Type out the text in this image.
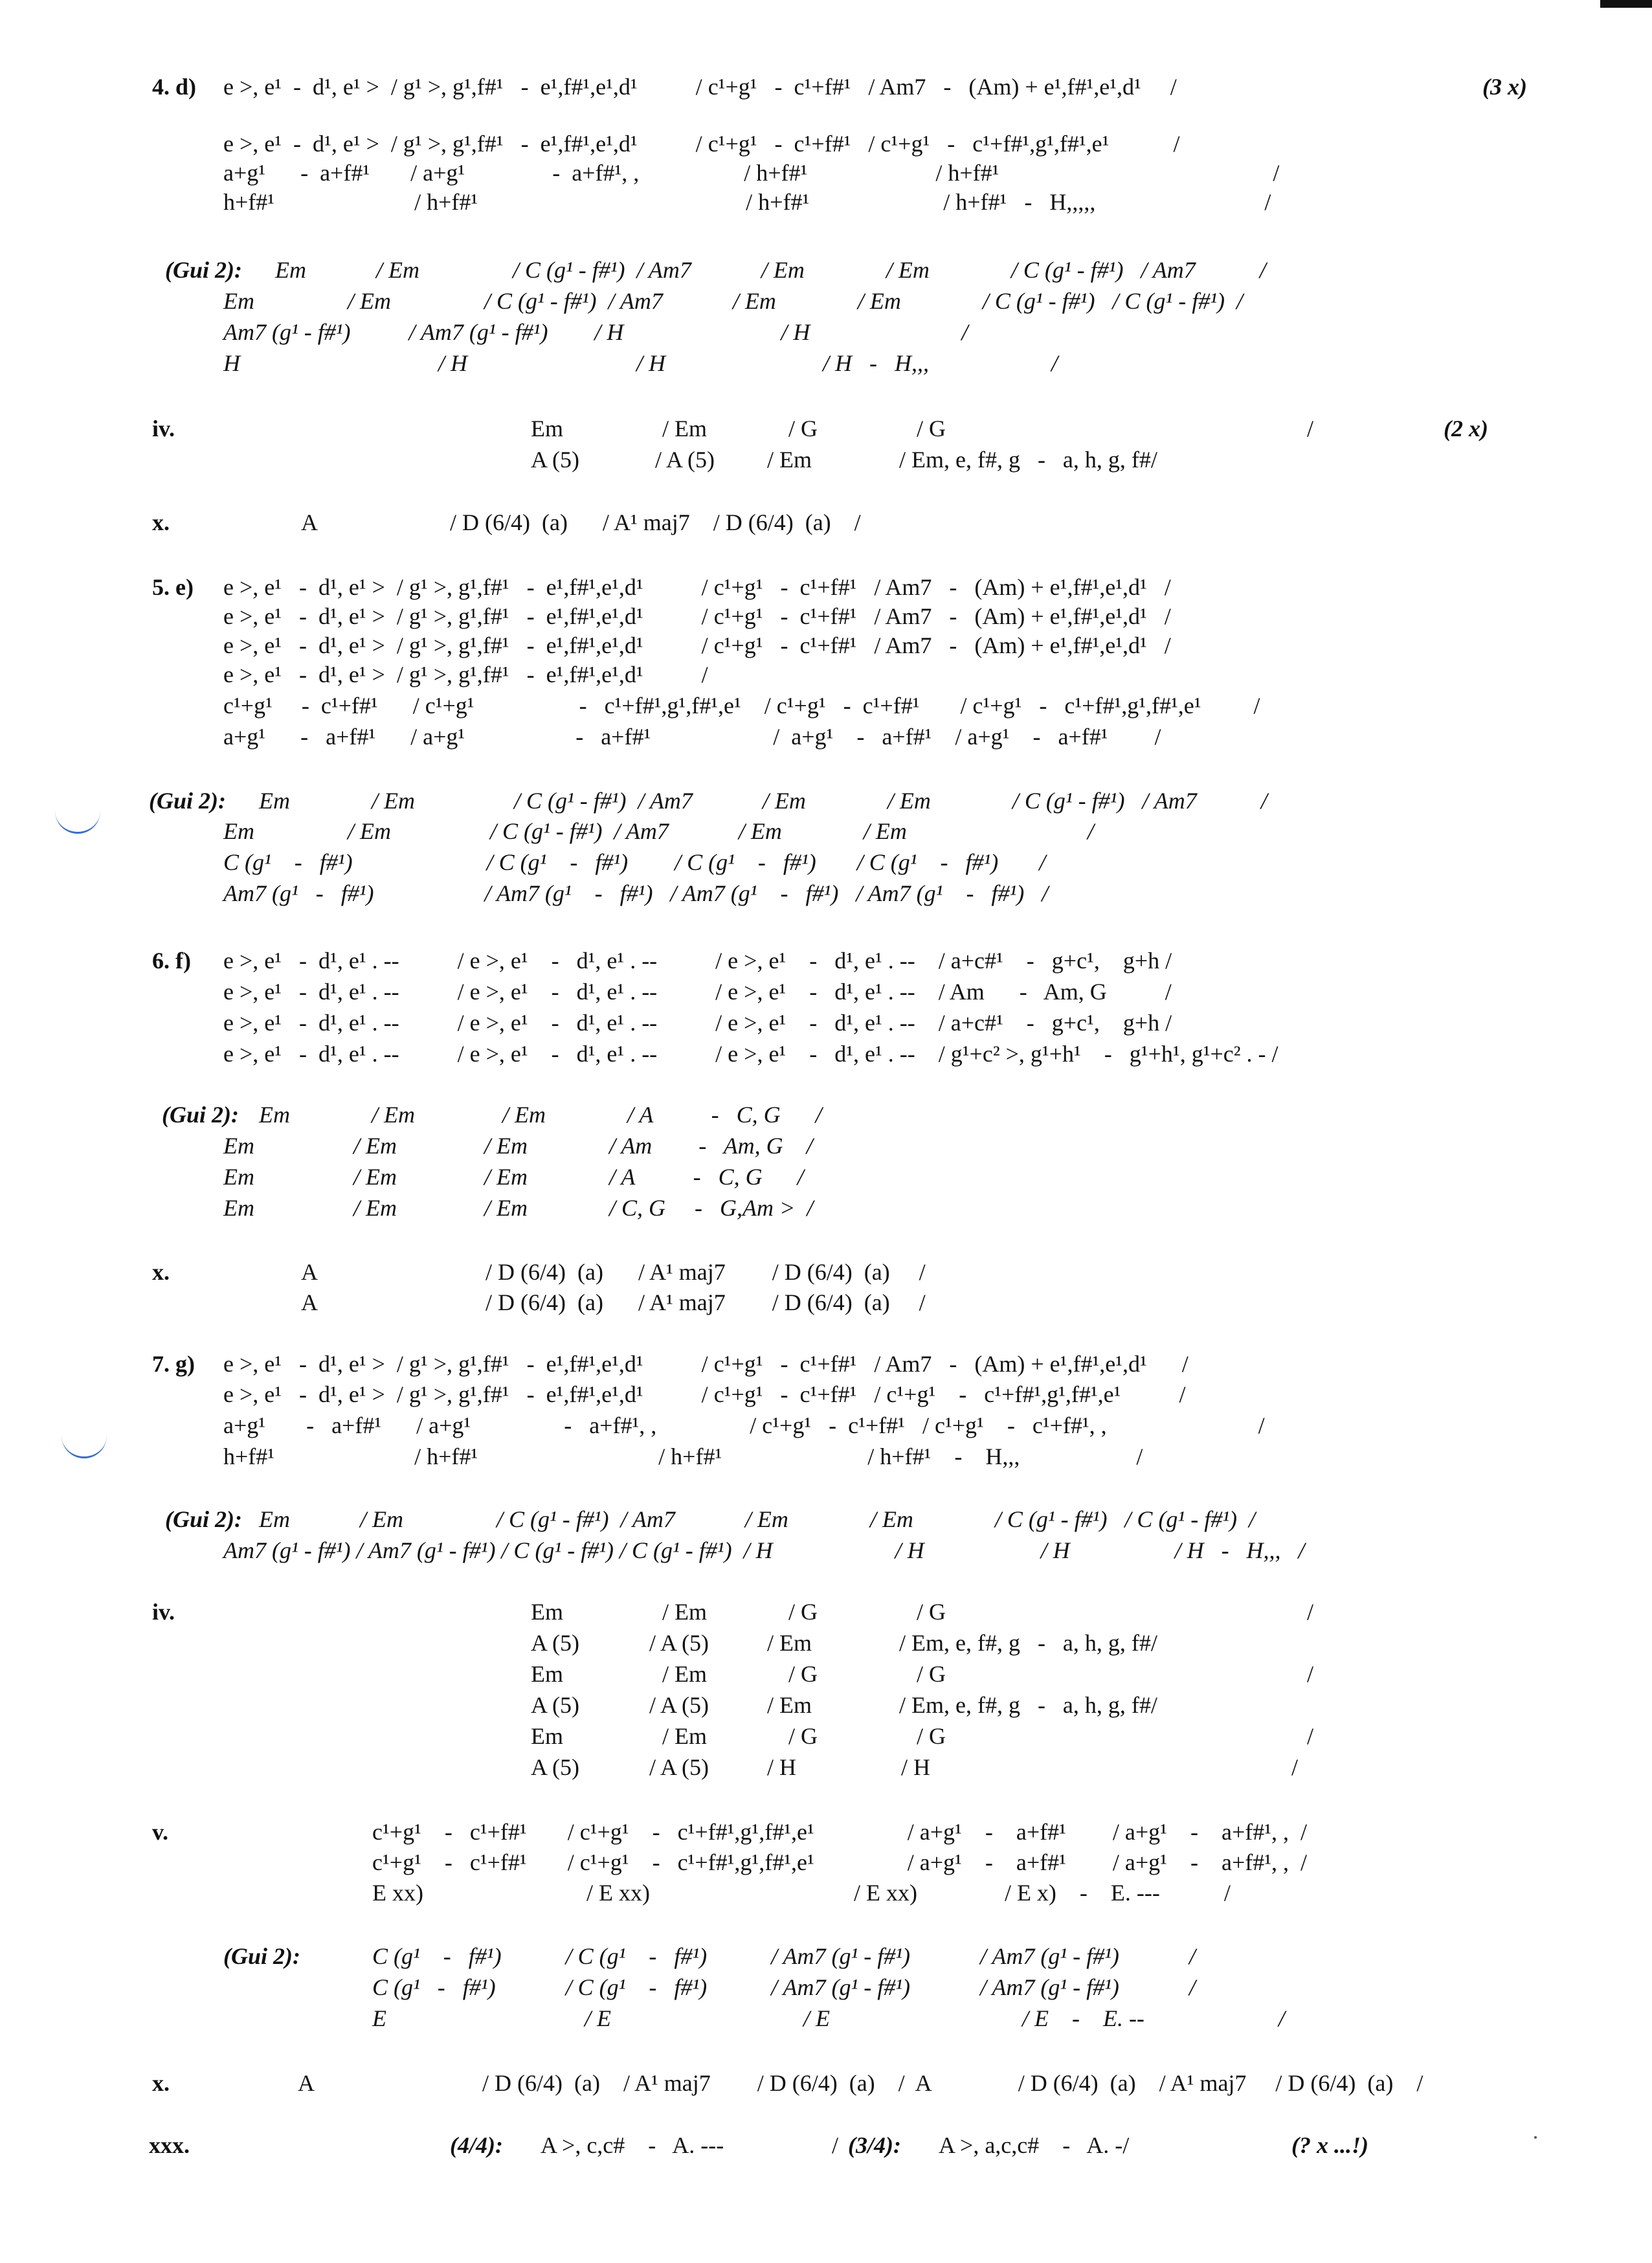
4. d) e >, e¹  -  d¹, e¹ >  / g¹ >, g¹,f#¹   -  e¹,f#¹,e¹,d¹          / c¹+g¹   -  c¹+f#¹   / Am7   -   (Am) + e¹,f#¹,e¹,d¹     /	(3 x)
e >, e¹  -  d¹, e¹ >  / g¹ >, g¹,f#¹   -  e¹,f#¹,e¹,d¹          / c¹+g¹   -  c¹+f#¹   / c¹+g¹   -   c¹+f#¹,g¹,f#¹,e¹           /
a+g¹      -  a+f#¹       / a+g¹               -  a+f#¹, ,                  / h+f#¹                      / h+f#¹                                               /
h+f#¹                        / h+f#¹                                              / h+f#¹                       / h+f#¹   -   H,,,,,                             /
(Gui 2): Em            / Em                / C (g¹ - f#¹)  / Am7            / Em              / Em              / C (g¹ - f#¹)   / Am7           /
Em                / Em                / C (g¹ - f#¹)  / Am7            / Em              / Em              / C (g¹ - f#¹)   / C (g¹ - f#¹)  /
Am7 (g¹ - f#¹)          / Am7 (g¹ - f#¹)        / H                           / H                          /
H                                  / H                             / H                           / H   -   H,,,                     /
iv.	Em                 / Em              / G                 / G                                                              /	(2 x)
A (5)             / A (5)         / Em               / Em, e, f#, g   -   a, h, g, f#/
x.	A	/ D (6/4)  (a)      / A¹ maj7    / D (6/4)  (a)    /
5. e) e >, e¹   -  d¹, e¹ >  / g¹ >, g¹,f#¹   -  e¹,f#¹,e¹,d¹          / c¹+g¹   -  c¹+f#¹   / Am7   -   (Am) + e¹,f#¹,e¹,d¹   /
e >, e¹   -  d¹, e¹ >  / g¹ >, g¹,f#¹   -  e¹,f#¹,e¹,d¹          / c¹+g¹   -  c¹+f#¹   / Am7   -   (Am) + e¹,f#¹,e¹,d¹   /
e >, e¹   -  d¹, e¹ >  / g¹ >, g¹,f#¹   -  e¹,f#¹,e¹,d¹          / c¹+g¹   -  c¹+f#¹   / Am7   -   (Am) + e¹,f#¹,e¹,d¹   /
e >, e¹   -  d¹, e¹ >  / g¹ >, g¹,f#¹   -  e¹,f#¹,e¹,d¹          /
c¹+g¹     -  c¹+f#¹      / c¹+g¹                  -   c¹+f#¹,g¹,f#¹,e¹    / c¹+g¹   -  c¹+f#¹       / c¹+g¹   -   c¹+f#¹,g¹,f#¹,e¹         /
a+g¹      -   a+f#¹      / a+g¹                   -   a+f#¹                     /  a+g¹    -   a+f#¹    / a+g¹    -   a+f#¹        /
(Gui 2): Em              / Em                 / C (g¹ - f#¹)  / Am7            / Em              / Em              / C (g¹ - f#¹)   / Am7           /
Em                / Em                 / C (g¹ - f#¹)  / Am7            / Em              / Em                               /
C (g¹    -   f#¹)                       / C (g¹    -   f#¹)        / C (g¹    -   f#¹)       / C (g¹    -   f#¹)       /
Am7 (g¹   -   f#¹)                   / Am7 (g¹    -   f#¹)   / Am7 (g¹    -   f#¹)   / Am7 (g¹    -   f#¹)   /
6. f) e >, e¹   -  d¹, e¹ . --          / e >, e¹    -   d¹, e¹ . --          / e >, e¹    -   d¹, e¹ . --    / a+c#¹    -   g+c¹,    g+h /
e >, e¹   -  d¹, e¹ . --          / e >, e¹    -   d¹, e¹ . --          / e >, e¹    -   d¹, e¹ . --    / Am      -   Am, G          /
e >, e¹   -  d¹, e¹ . --          / e >, e¹    -   d¹, e¹ . --          / e >, e¹    -   d¹, e¹ . --    / a+c#¹    -   g+c¹,    g+h /
e >, e¹   -  d¹, e¹ . --          / e >, e¹    -   d¹, e¹ . --          / e >, e¹    -   d¹, e¹ . --    / g¹+c² >, g¹+h¹    -   g¹+h¹, g¹+c² . - /
(Gui 2): Em              / Em               / Em              / A          -   C, G      /
Em                 / Em               / Em              / Am        -   Am, G    /
Em                 / Em               / Em              / A          -   C, G      /
Em                 / Em               / Em              / C, G     -   G,Am >  /
x.	A                             / D (6/4)  (a)      / A¹ maj7        / D (6/4)  (a)     /
A                             / D (6/4)  (a)      / A¹ maj7        / D (6/4)  (a)     /
7. g) e >, e¹   -  d¹, e¹ >  / g¹ >, g¹,f#¹   -  e¹,f#¹,e¹,d¹          / c¹+g¹   -  c¹+f#¹   / Am7   -   (Am) + e¹,f#¹,e¹,d¹      /
e >, e¹   -  d¹, e¹ >  / g¹ >, g¹,f#¹   -  e¹,f#¹,e¹,d¹          / c¹+g¹   -  c¹+f#¹   / c¹+g¹    -   c¹+f#¹,g¹,f#¹,e¹          /
a+g¹       -   a+f#¹      / a+g¹                -   a+f#¹, ,                / c¹+g¹   -  c¹+f#¹   / c¹+g¹    -   c¹+f#¹, ,                          /
h+f#¹                        / h+f#¹                               / h+f#¹                         / h+f#¹    -    H,,,                    /
(Gui 2): Em            / Em                / C (g¹ - f#¹)  / Am7            / Em              / Em              / C (g¹ - f#¹)   / C (g¹ - f#¹)  /
Am7 (g¹ - f#¹) / Am7 (g¹ - f#¹) / C (g¹ - f#¹) / C (g¹ - f#¹)  / H                     / H                    / H                  / H   -   H,,,   /
iv.	Em                 / Em              / G                 / G                                                              /
A (5)            / A (5)          / Em               / Em, e, f#, g   -   a, h, g, f#/
Em                 / Em              / G                 / G                                                              /
A (5)            / A (5)          / Em               / Em, e, f#, g   -   a, h, g, f#/
Em                 / Em              / G                 / G                                                              /
A (5)            / A (5)          / H                  / H                                                              /
v.	c¹+g¹    -   c¹+f#¹       / c¹+g¹    -   c¹+f#¹,g¹,f#¹,e¹                / a+g¹    -    a+f#¹        / a+g¹    -    a+f#¹, ,  /
c¹+g¹    -   c¹+f#¹       / c¹+g¹    -   c¹+f#¹,g¹,f#¹,e¹                / a+g¹    -    a+f#¹        / a+g¹    -    a+f#¹, ,  /
E xx)                            / E xx)                                   / E xx)               / E x)    -    E. ---           /
(Gui 2):	C (g¹    -   f#¹)           / C (g¹    -   f#¹)           / Am7 (g¹ - f#¹)            / Am7 (g¹ - f#¹)            /
C (g¹   -   f#¹)            / C (g¹    -   f#¹)           / Am7 (g¹ - f#¹)            / Am7 (g¹ - f#¹)            /
E                                  / E                                 / E                                 / E    -    E. --                       /
x.	A                             / D (6/4)  (a)    / A¹ maj7        / D (6/4)  (a)    /  A               / D (6/4)  (a)    / A¹ maj7     / D (6/4)  (a)    /
xxx.	(4/4): A >, c,c#    -   A. ---	/ (3/4): A >, a,c,c#    -   A. -/	(? x ...!)
